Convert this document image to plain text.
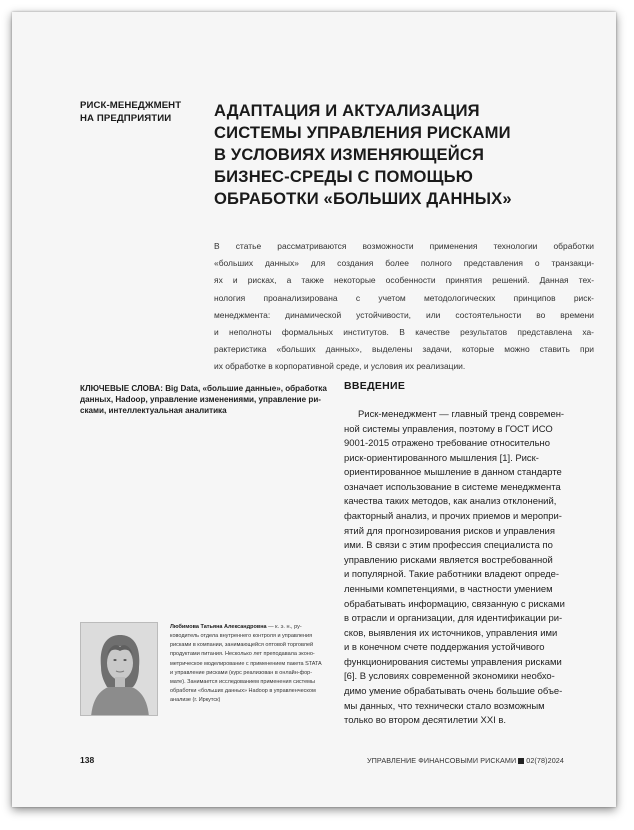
РИСК-МЕНЕДЖМЕНТ
НА ПРЕДПРИЯТИИ	АДАПТАЦИЯ И АКТУАЛИЗАЦИЯ
СИСТЕМЫ УПРАВЛЕНИЯ РИСКАМИ
В УСЛОВИЯХ ИЗМЕНЯЮЩЕЙСЯ
БИЗНЕС-СРЕДЫ С ПОМОЩЬЮ
ОБРАБОТКИ «БОЛЬШИХ ДАННЫХ»
В статье рассматриваются возможности применения технологии обработки
«больших данных» для создания более полного представления о транзакци-
ях и рисках, а также некоторые особенности принятия решений. Данная тех-
нология проанализирована с учетом методологических принципов риск-
менеджмента: динамической устойчивости, или состоятельности во времени
и неполноты формальных институтов. В качестве результатов представлена ха-
рактеристика «больших данных», выделены задачи, которые можно ставить при
их обработке в корпоративной среде, и условия их реализации.
КЛЮЧЕВЫЕ СЛОВА: Big Data, «большие данные», обработка
данных, Hadoop, управление изменениями, управление ри-
сками, интеллектуальная аналитика
ВВЕДЕНИЕ
Риск-менеджмент — главный тренд современ-
ной системы управления, поэтому в ГОСТ ИСО
9001-2015 отражено требование относительно
риск-ориентированного мышления [1]. Риск-
ориентированное мышление в данном стандарте
означает использование в системе менеджмента
качества таких методов, как анализ отклонений,
факторный анализ, и прочих приемов и меропри-
ятий для прогнозирования рисков и управления
ими. В связи с этим профессия специалиста по
управлению рисками является востребованной
и популярной. Такие работники владеют опреде-
ленными компетенциями, в частности умением
обрабатывать информацию, связанную с рисками
в отрасли и организации, для идентификации ри-
сков, выявления их источников, управления ими
и в конечном счете поддержания устойчивого
функционирования системы управления рисками
[6]. В условиях современной экономики необхо-
димо умение обрабатывать очень большие объе-
мы данных, что технически стало возможным
только во втором десятилетии XXI в.
Любимова Татьяна Александровна — к. э. н., ру-
ководитель отдела внутреннего контроля и управления
рисками в компании, занимающейся оптовой торговлей
продуктами питания. Несколько лет преподавала эконо-
метрическое моделирование с применением пакета STATA
и управление рисками (курс реализован в онлайн-фор-
мате). Занимается исследованием применения системы
обработки «больших данных» Hadoop в управленческом
анализе (г. Иркутск)
138	УПРАВЛЕНИЕ ФИНАНСОВЫМИ РИСКАМИ 02(78)2024
